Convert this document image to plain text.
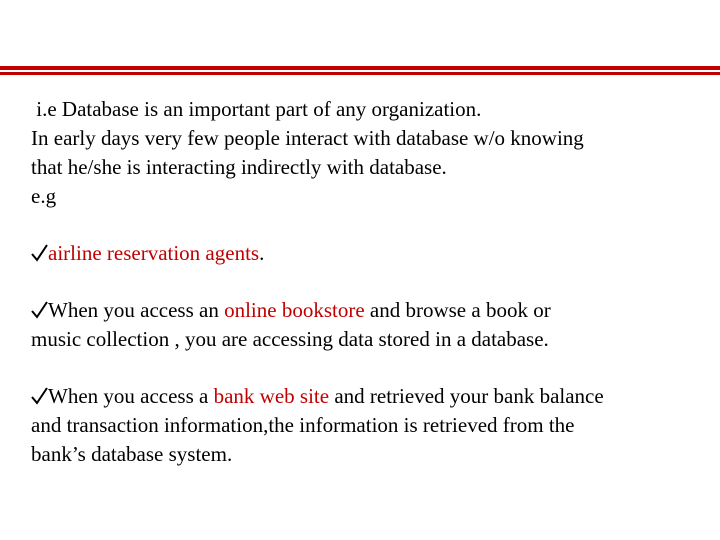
i.e Database is an important part of any organization.
In early days very few people interact with database w/o knowing
that he/she is interacting indirectly with database.
e.g
airline reservation agents.
When you access an online bookstore and browse a book or
music collection , you are accessing data stored in a database.
When you access a bank web site and retrieved your bank balance
and transaction information,the information is retrieved from the
bank’s database system.
